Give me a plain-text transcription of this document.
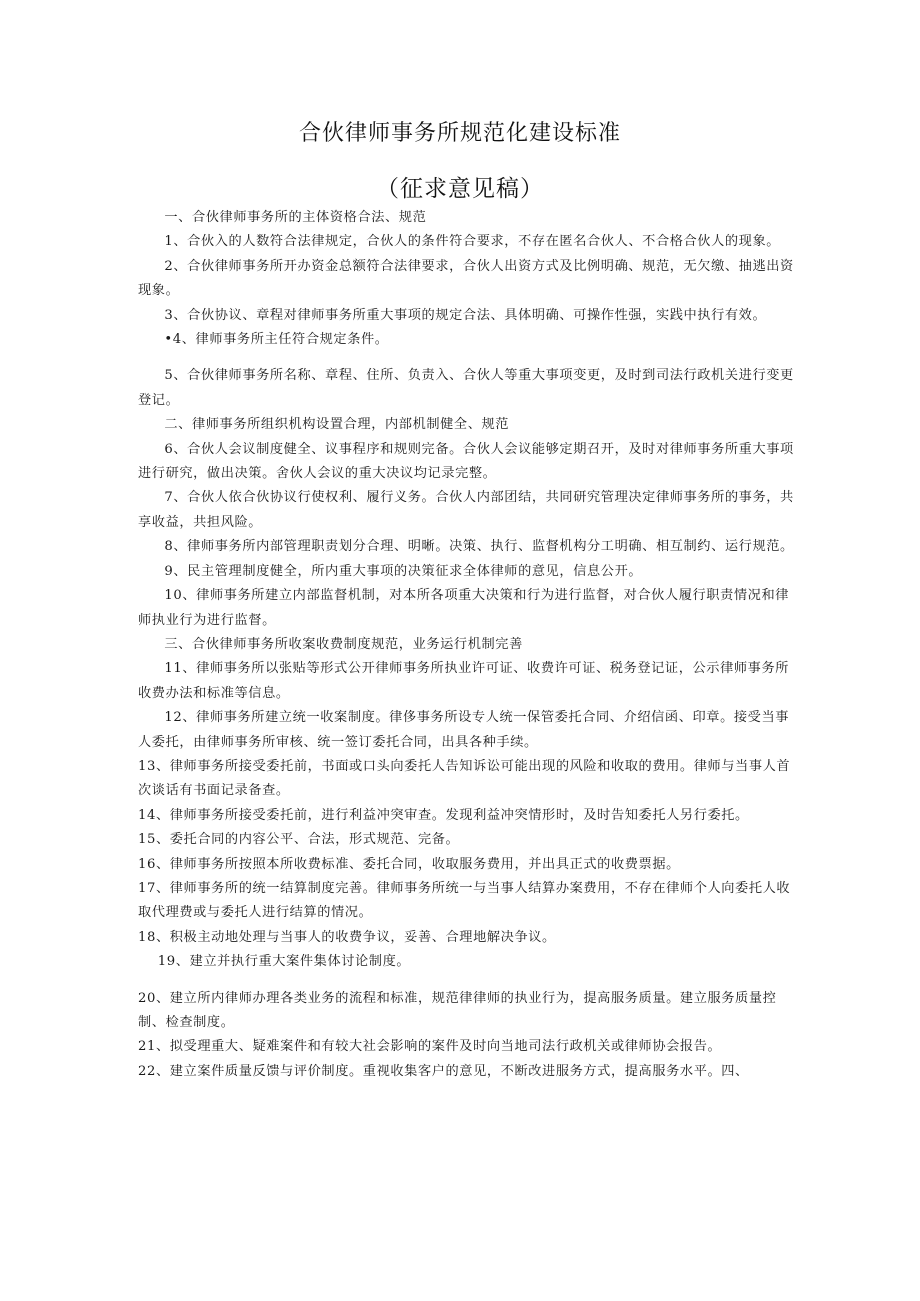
合伙律师事务所规范化建设标准
（征求意见稿）

一、合伙律师事务所的主体资格合法、规范

1、合伙入的人数符合法律规定，合伙人的条件符合要求，不存在匿名合伙人、不合格合伙人的现象。

2、合伙律师事务所开办资金总额符合法律要求，合伙人出资方式及比例明确、规范，无欠缴、抽逃出资现象。

3、合伙协议、章程对律师事务所重大事项的规定合法、具体明确、可操作性强，实践中执行有效。

•4、律师事务所主任符合规定条件。

5、合伙律师事务所名称、章程、住所、负责入、合伙人等重大事项变更，及时到司法行政机关进行变更登记。

二、律师事务所组织机构设置合理，内部机制健全、规范

6、合伙人会议制度健全、议事程序和规则完备。合伙人会议能够定期召开，及时对律师事务所重大事项进行研究，做出决策。舍伙人会议的重大决议均记录完整。

7、合伙人依合伙协议行使权利、履行义务。合伙人内部团结，共同研究管理决定律师事务所的事务，共享收益，共担风险。

8、律师事务所内部管理职责划分合理、明晰。决策、执行、监督机构分工明确、相互制约、运行规范。

9、民主管理制度健全，所内重大事项的决策征求全体律师的意见，信息公开。

10、律师事务所建立内部监督机制，对本所各项重大决策和行为进行监督，对合伙人履行职责情况和律师执业行为进行监督。

三、合伙律师事务所收案收费制度规范，业务运行机制完善

11、律师事务所以张贴等形式公开律师事务所执业许可证、收费许可证、税务登记证，公示律师事务所收费办法和标准等信息。

12、律师事务所建立统一收案制度。律侈事务所设专人统一保管委托合同、介绍信函、印章。接受当事人委托，由律师事务所审核、统一签订委托合同，出具各种手续。

13、律师事务所接受委托前，书面或口头向委托人告知诉讼可能出现的风险和收取的费用。律师与当事人首次谈话有书面记录备查。

14、律师事务所接受委托前，进行利益冲突审查。发现利益冲突情形时，及时告知委托人另行委托。

15、委托合同的内容公平、合法，形式规范、完备。

16、律师事务所按照本所收费标准、委托合同，收取服务费用，并出具正式的收费票据。

17、律师事务所的统一结算制度完善。律师事务所统一与当事人结算办案费用，不存在律师个人向委托人收取代理费或与委托人进行结算的情况。

18、积极主动地处理与当事人的收费争议，妥善、合理地解决争议。

19、建立并执行重大案件集体讨论制度。

20、建立所内律师办理各类业务的流程和标准，规范律律师的执业行为，提高服务质量。建立服务质量控制、检查制度。

21、拟受理重大、疑难案件和有较大社会影响的案件及时向当地司法行政机关或律师协会报告。

22、建立案件质量反馈与评价制度。重视收集客户的意见，不断改进服务方式，提高服务水平。四、
